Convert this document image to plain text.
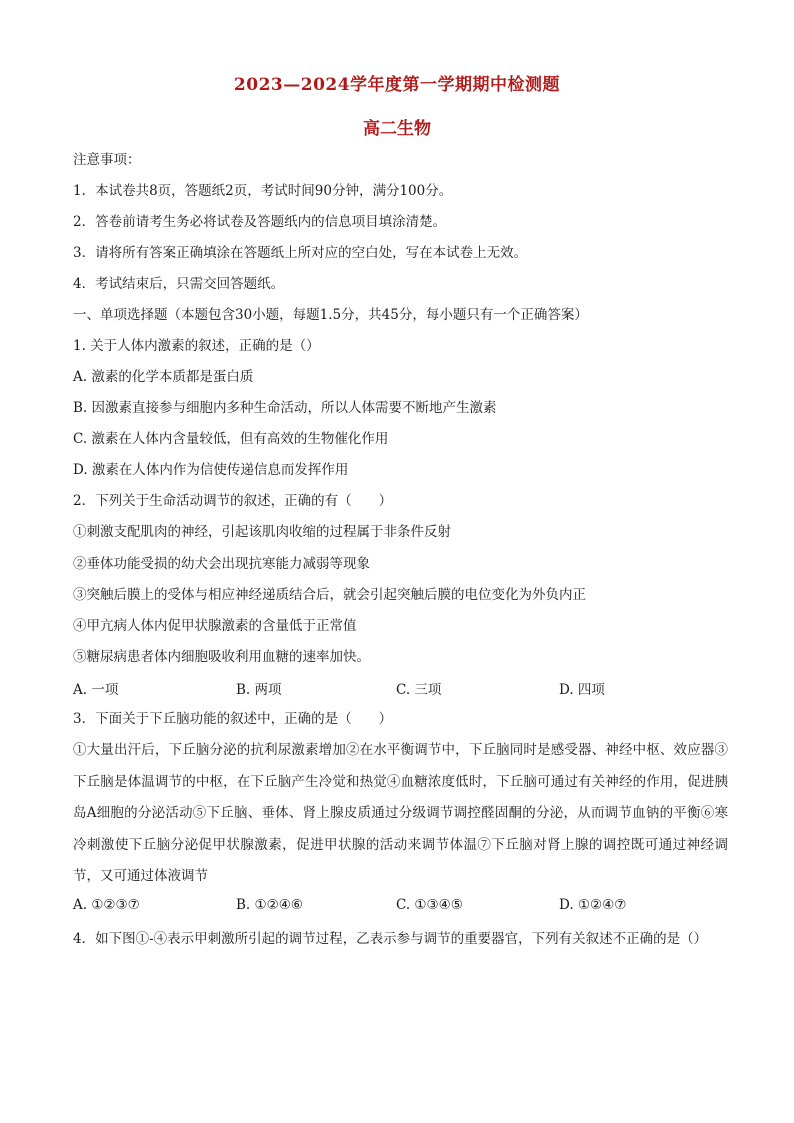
2023—2024学年度第一学期期中检测题
高二生物
注意事项：
1．本试卷共8页，答题纸2页，考试时间90分钟，满分100分。
2．答卷前请考生务必将试卷及答题纸内的信息项目填涂清楚。
3．请将所有答案正确填涂在答题纸上所对应的空白处，写在本试卷上无效。
4．考试结束后，只需交回答题纸。
一、单项选择题（本题包含30小题，每题1.5分，共45分，每小题只有一个正确答案）
1. 关于人体内激素的叙述，正确的是（）
A. 激素的化学本质都是蛋白质
B. 因激素直接参与细胞内多种生命活动，所以人体需要不断地产生激素
C. 激素在人体内含量较低，但有高效的生物催化作用
D. 激素在人体内作为信使传递信息而发挥作用
2．下列关于生命活动调节的叙述，正确的有（　　）
①刺激支配肌肉的神经，引起该肌肉收缩的过程属于非条件反射
②垂体功能受损的幼犬会出现抗寒能力减弱等现象
③突触后膜上的受体与相应神经递质结合后，就会引起突触后膜的电位变化为外负内正
④甲亢病人体内促甲状腺激素的含量低于正常值
⑤糖尿病患者体内细胞吸收利用血糖的速率加快。
A. 一项	B. 两项	C. 三项	D. 四项
3．下面关于下丘脑功能的叙述中，正确的是（　　）
①大量出汗后，下丘脑分泌的抗利尿激素增加②在水平衡调节中，下丘脑同时是感受器、神经中枢、效应器③下丘脑是体温调节的中枢，在下丘脑产生冷觉和热觉④血糖浓度低时，下丘脑可通过有关神经的作用，促进胰岛A细胞的分泌活动⑤下丘脑、垂体、肾上腺皮质通过分级调节调控醛固酮的分泌，从而调节血钠的平衡⑥寒冷刺激使下丘脑分泌促甲状腺激素，促进甲状腺的活动来调节体温⑦下丘脑对肾上腺的调控既可通过神经调节，又可通过体液调节
A. ①②③⑦	B. ①②④⑥	C. ①③④⑤	D. ①②④⑦
4．如下图①-④表示甲刺激所引起的调节过程，乙表示参与调节的重要器官，下列有关叙述不正确的是（）
